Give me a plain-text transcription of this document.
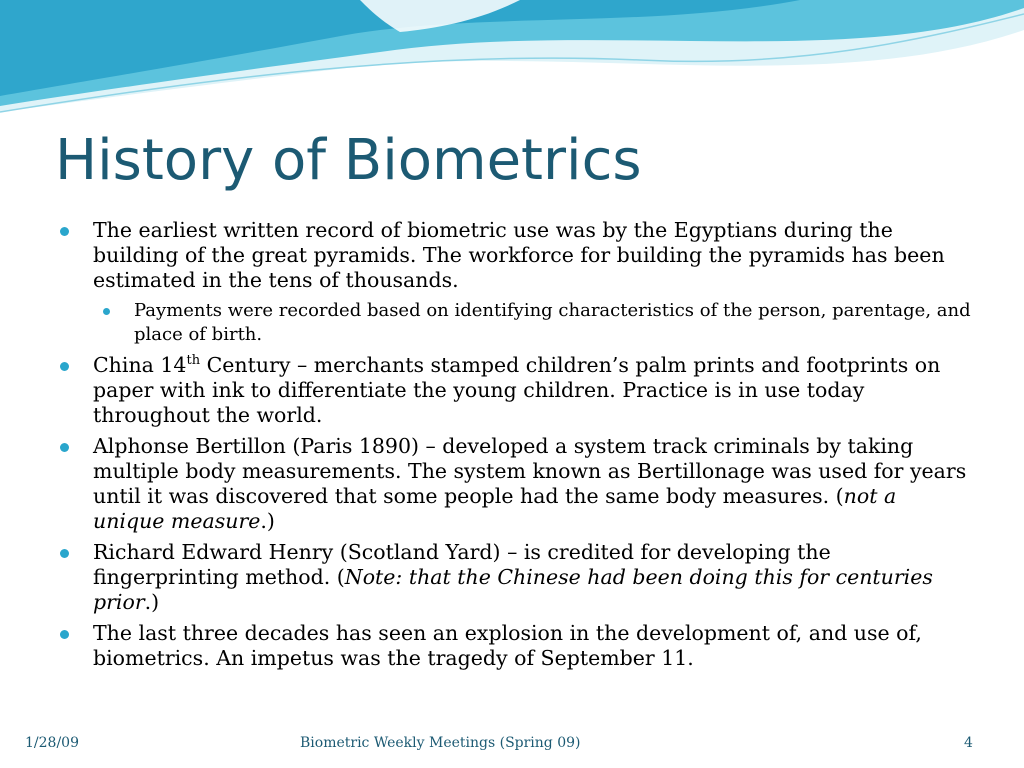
History of Biometrics
The earliest written record of biometric use was by the Egyptians during the building of the great pyramids. The workforce for building the pyramids has been estimated in the tens of thousands.
Payments were recorded based on identifying characteristics of the person, parentage, and place of birth.
China 14th Century – merchants stamped children’s palm prints and footprints on paper with ink to differentiate the young children. Practice is in use today throughout the world.
Alphonse Bertillon (Paris 1890) – developed a system track criminals by taking multiple body measurements. The system known as Bertillonage was used for years until it was discovered that some people had the same body measures. (not a unique measure.)
Richard Edward Henry (Scotland Yard) – is credited for developing the fingerprinting method. (Note: that the Chinese had been doing this for centuries prior.)
The last three decades has seen an explosion in the development of, and use of, biometrics. An impetus was the tragedy of September 11.
1/28/09	Biometric Weekly Meetings (Spring 09)	4
